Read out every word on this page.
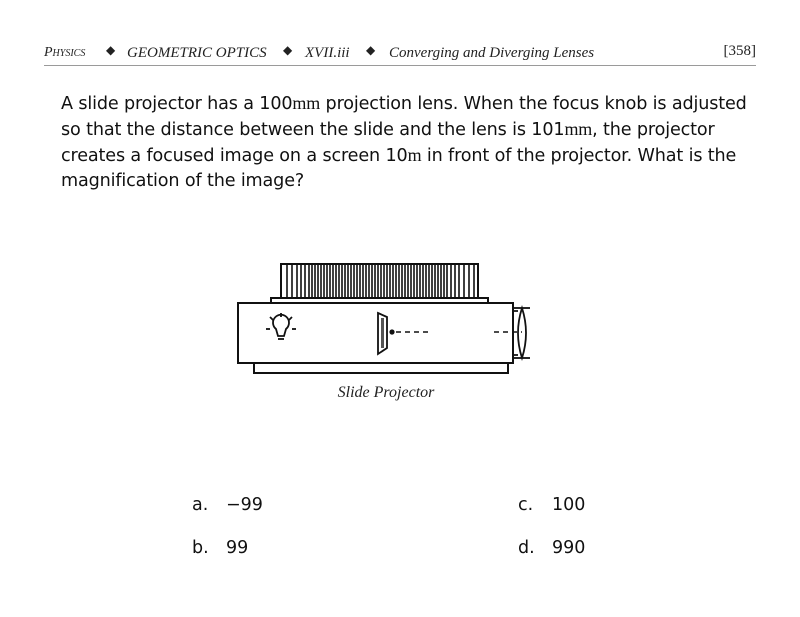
Physics ◆ GEOMETRIC OPTICS ◆ XVII.iii ◆ Converging and Diverging Lenses	[358]
A slide projector has a 100mm projection lens. When the focus knob is adjusted so that the distance between the slide and the lens is 101mm, the projector creates a focused image on a screen 10m in front of the projector. What is the magnification of the image?
Slide Projector
a. −99
b. 99
c. 100
d. 990
